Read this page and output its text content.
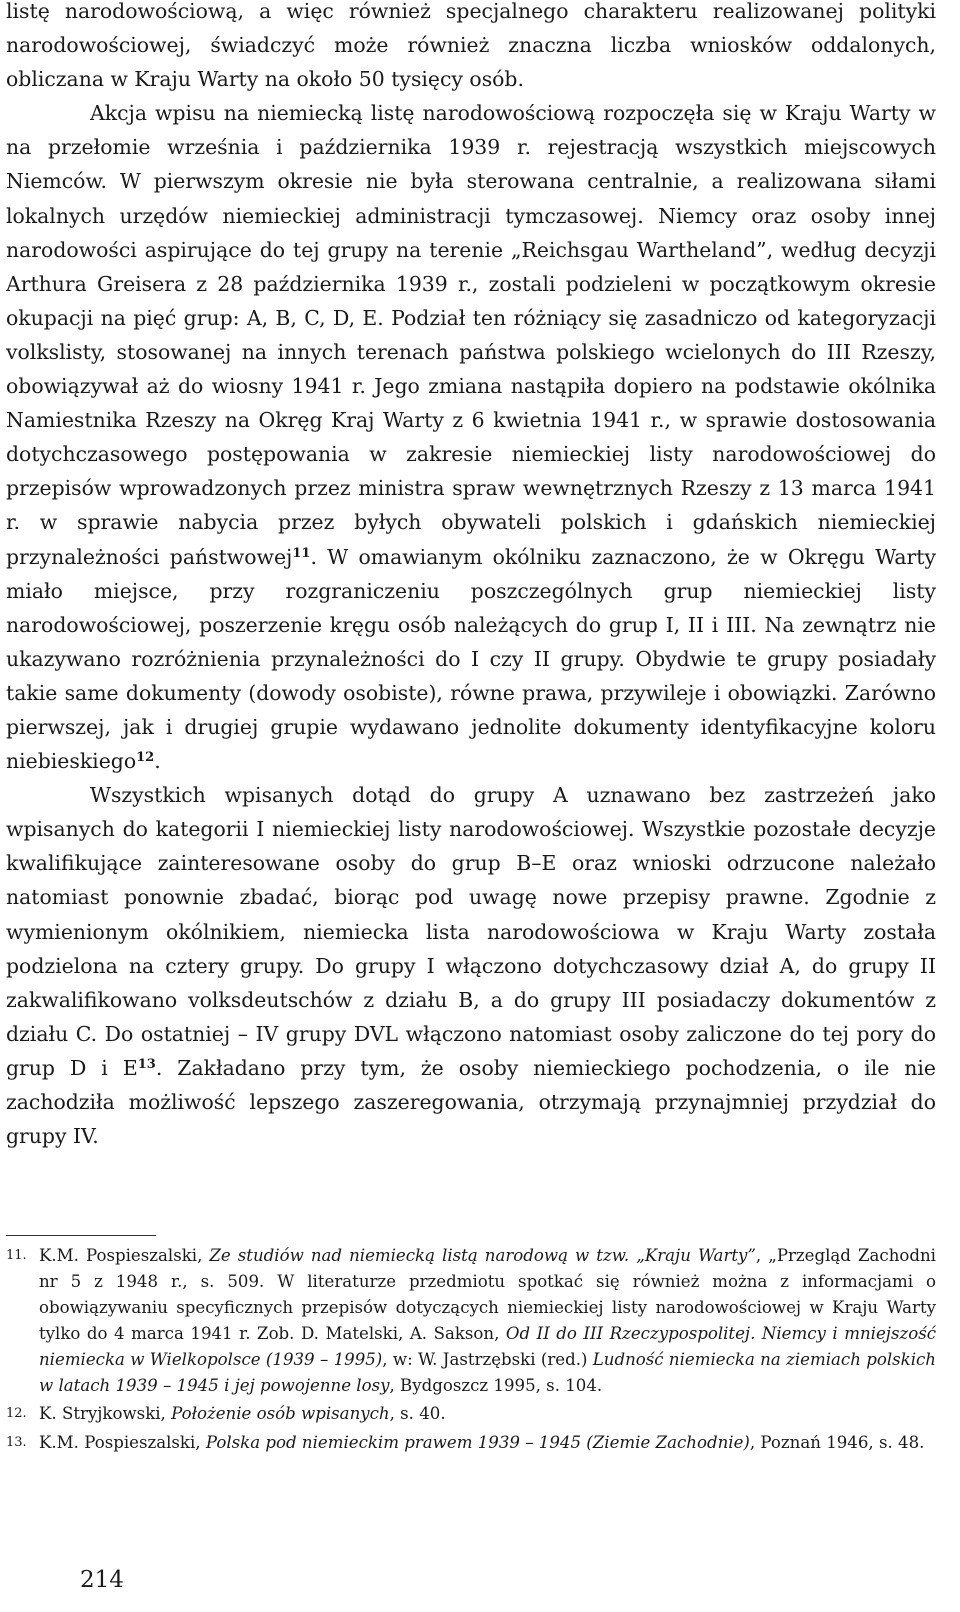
listę narodowościową, a więc również specjalnego charakteru realizowanej polityki narodowościowej, świadczyć może również znaczna liczba wniosków oddalonych, obliczana w Kraju Warty na około 50 tysięcy osób.

Akcja wpisu na niemiecką listę narodowościową rozpoczęła się w Kraju Warty w na przełomie września i października 1939 r. rejestracją wszystkich miejscowych Niemców. W pierwszym okresie nie była sterowana centralnie, a realizowana siłami lokalnych urzędów niemieckiej administracji tymczasowej. Niemcy oraz osoby innej narodowości aspirujące do tej grupy na terenie „Reichsgau Wartheland”, według decyzji Arthura Greisera z 28 października 1939 r., zostali podzieleni w początkowym okresie okupacji na pięć grup: A, B, C, D, E. Podział ten różniący się zasadniczo od kategoryzacji volkslisty, stosowanej na innych terenach państwa polskiego wcielonych do III Rzeszy, obowiązywał aż do wiosny 1941 r. Jego zmiana nastąpiła dopiero na podstawie okólnika Namiestnika Rzeszy na Okręg Kraj Warty z 6 kwietnia 1941 r., w sprawie dostosowania dotychczasowego postępowania w zakresie niemieckiej listy narodowościowej do przepisów wprowadzonych przez ministra spraw wewnętrznych Rzeszy z 13 marca 1941 r. w sprawie nabycia przez byłych obywateli polskich i gdańskich niemieckiej przynależności państwowej$^{11}$. W omawianym okólniku zaznaczono, że w Okręgu Warty miało miejsce, przy rozgraniczeniu poszczególnych grup niemieckiej listy narodowościowej, poszerzenie kręgu osób należących do grup I, II i III. Na zewnątrz nie ukazywano rozróżnienia przynależności do I czy II grupy. Obydwie te grupy posiadały takie same dokumenty (dowody osobiste), równe prawa, przywileje i obowiązki. Zarówno pierwszej, jak i drugiej grupie wydawano jednolite dokumenty identyfikacyjne koloru niebieskiego$^{12}$.

Wszystkich wpisanych dotąd do grupy A uznawano bez zastrzeżeń jako wpisanych do kategorii I niemieckiej listy narodowościowej. Wszystkie pozostałe decyzje kwalifikujące zainteresowane osoby do grup B–E oraz wnioski odrzucone należało natomiast ponownie zbadać, biorąc pod uwagę nowe przepisy prawne. Zgodnie z wymienionym okólnikiem, niemiecka lista narodowościowa w Kraju Warty została podzielona na cztery grupy. Do grupy I włączono dotychczasowy dział A, do grupy II zakwalifikowano volksdeutschów z działu B, a do grupy III posiadaczy dokumentów z działu C. Do ostatniej – IV grupy DVL włączono natomiast osoby zaliczone do tej pory do grup D i E$^{13}$. Zakładano przy tym, że osoby niemieckiego pochodzenia, o ile nie zachodziła możliwość lepszego zaszeregowania, otrzymają przynajmniej przydział do grupy IV.

11. K.M. Pospieszalski, Ze studiów nad niemiecką listą narodową w tzw. „Kraju Warty”, „Przegląd Zachodni nr 5 z 1948 r., s. 509. W literaturze przedmiotu spotkać się również można z informacjami o obowiązywaniu specyficznych przepisów dotyczących niemieckiej listy narodowościowej w Kraju Warty tylko do 4 marca 1941 r. Zob. D. Matelski, A. Sakson, Od II do III Rzeczypospolitej. Niemcy i mniejszość niemiecka w Wielkopolsce (1939 – 1995), w: W. Jastrzębski (red.) Ludność niemiecka na ziemiach polskich w latach 1939 – 1945 i jej powojenne losy, Bydgoszcz 1995, s. 104.

12. K. Stryjkowski, Położenie osób wpisanych, s. 40.

13. K.M. Pospieszalski, Polska pod niemieckim prawem 1939 – 1945 (Ziemie Zachodnie), Poznań 1946, s. 48.

214
